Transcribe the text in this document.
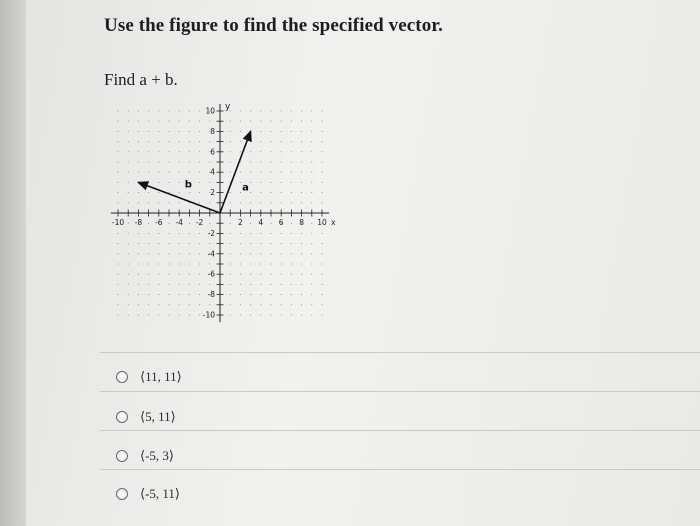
Use the figure to find the specified vector.
Find a + b.
-10 -8 -6 -4 -2	2 4 6 8 10
10
8
6
4
2
-2
-4
-6
-8
-10
x
y
a
b
⟨11, 11⟩
⟨5, 11⟩
⟨-5, 3⟩
⟨-5, 11⟩
